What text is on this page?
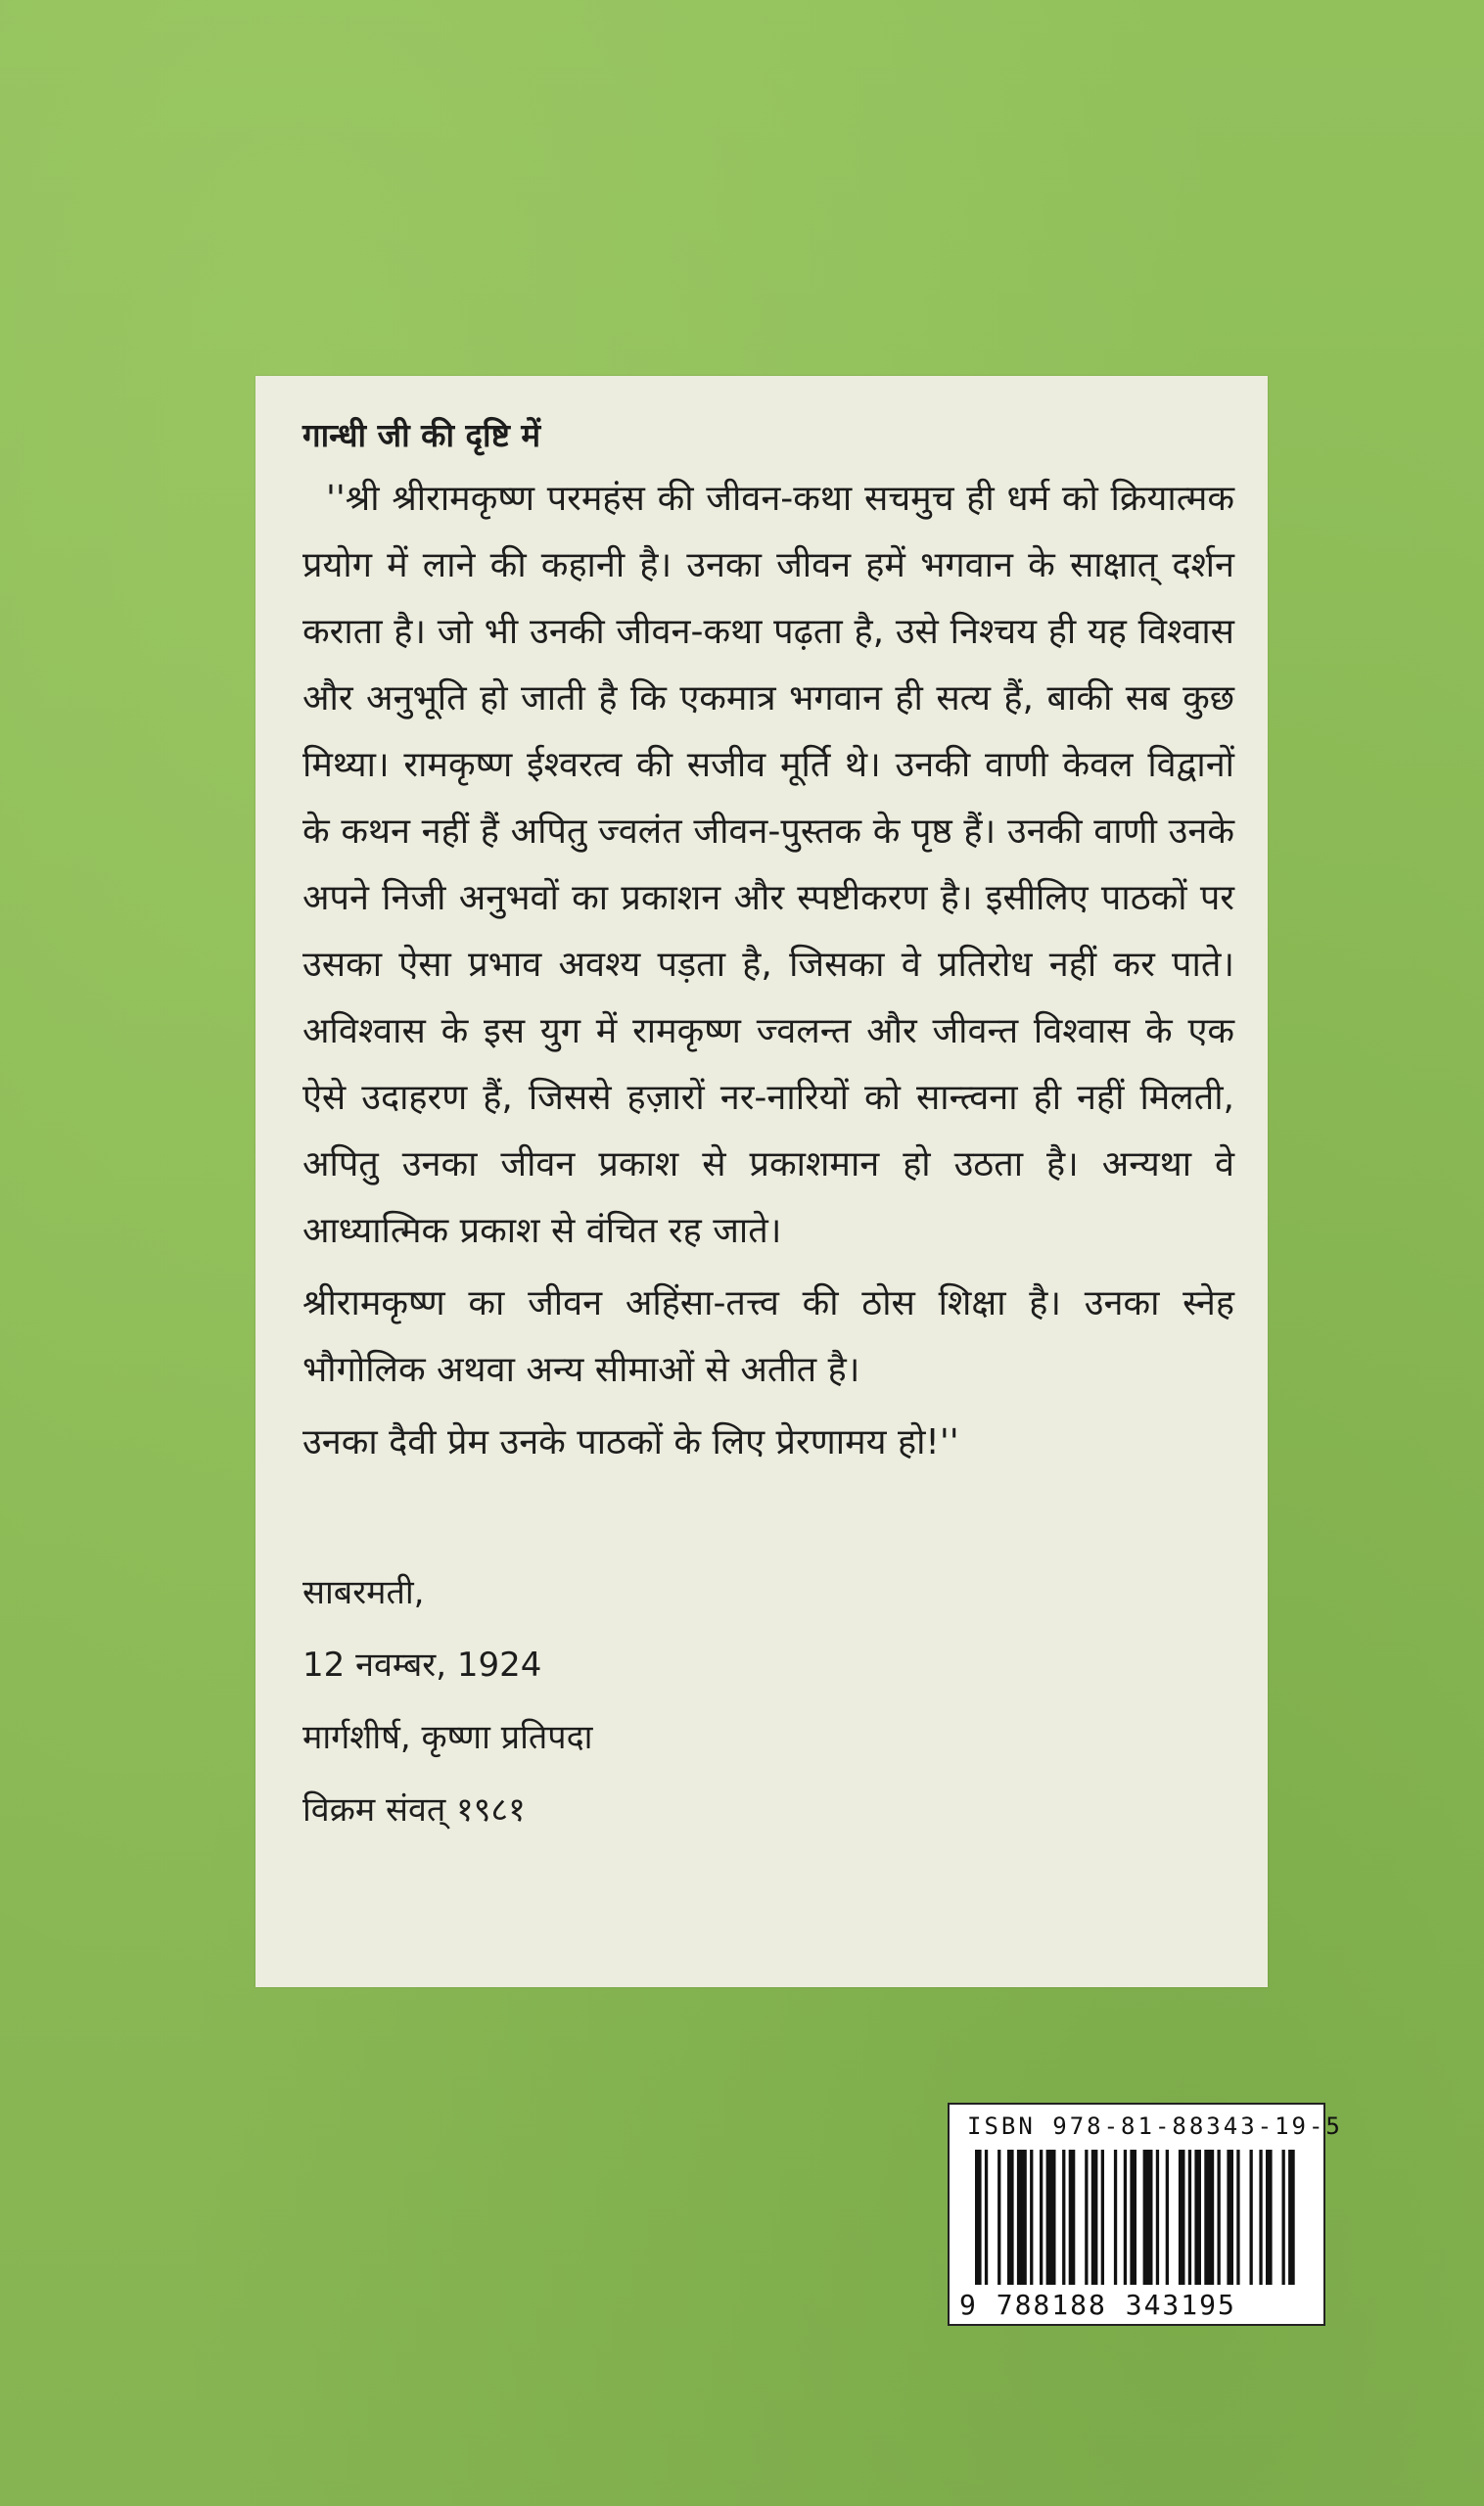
गान्धी जी की दृष्टि में

''श्री श्रीरामकृष्ण परमहंस की जीवन-कथा सचमुच ही धर्म को क्रियात्मक प्रयोग में लाने की कहानी है। उनका जीवन हमें भगवान के साक्षात् दर्शन कराता है। जो भी उनकी जीवन-कथा पढ़ता है, उसे निश्चय ही यह विश्वास और अनुभूति हो जाती है कि एकमात्र भगवान ही सत्य हैं, बाकी सब कुछ मिथ्या। रामकृष्ण ईश्वरत्व की सजीव मूर्ति थे। उनकी वाणी केवल विद्वानों के कथन नहीं हैं अपितु ज्वलंत जीवन-पुस्तक के पृष्ठ हैं। उनकी वाणी उनके अपने निजी अनुभवों का प्रकाशन और स्पष्टीकरण है। इसीलिए पाठकों पर उसका ऐसा प्रभाव अवश्य पड़ता है, जिसका वे प्रतिरोध नहीं कर पाते। अविश्वास के इस युग में रामकृष्ण ज्वलन्त और जीवन्त विश्वास के एक ऐसे उदाहरण हैं, जिससे हज़ारों नर-नारियों को सान्त्वना ही नहीं मिलती, अपितु उनका जीवन प्रकाश से प्रकाशमान हो उठता है। अन्यथा वे आध्यात्मिक प्रकाश से वंचित रह जाते।

श्रीरामकृष्ण का जीवन अहिंसा-तत्त्व की ठोस शिक्षा है। उनका स्नेह भौगोलिक अथवा अन्य सीमाओं से अतीत है।

उनका दैवी प्रेम उनके पाठकों के लिए प्रेरणामय हो!''

साबरमती,
12 नवम्बर, 1924
मार्गशीर्ष, कृष्णा प्रतिपदा
विक्रम संवत् १९८१
ISBN 978-81-88343-19-5
9 788188 343195
